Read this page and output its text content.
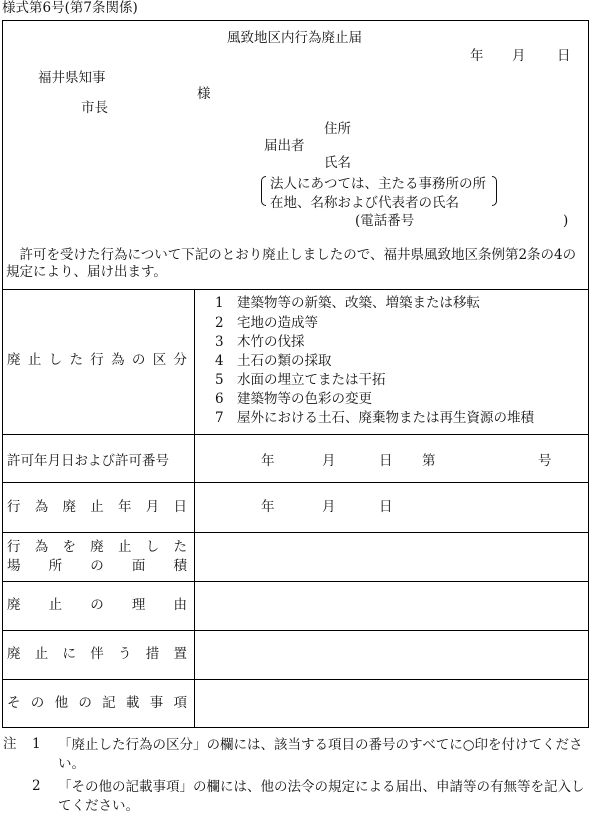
様式第6号(第7条関係)
風致地区内行為廃止届
年 月 日
福井県知事
様
市長
住所
届出者
氏名
法人にあつては、主たる事務所の所
在地、名称および代表者の氏名
(電話番号	)
許可を受けた行為について下記のとおり廃止しましたので、福井県風致地区条例第2条の4の規定により、届け出ます。
廃 止 し た 行 為 の 区 分
1 建築物等の新築、改築、増築または移転
2 宅地の造成等
3 木竹の伐採
4 土石の類の採取
5 水面の埋立てまたは干拓
6 建築物等の色彩の変更
7 屋外における土石、廃棄物または再生資源の堆積
許可年月日および許可番号	年	月	日 第	号
行 為 廃 止 年 月 日	年	月	日
行 為 を 廃 止 し た
場 所 の 面 積
廃 止 の 理 由
廃 止 に 伴 う 措 置
そ の 他 の 記 載 事 項
注 1 「廃止した行為の区分」の欄には、該当する項目の番号のすべてに○印を付けてください。
2 「その他の記載事項」の欄には、他の法令の規定による届出、申請等の有無等を記入してください。
